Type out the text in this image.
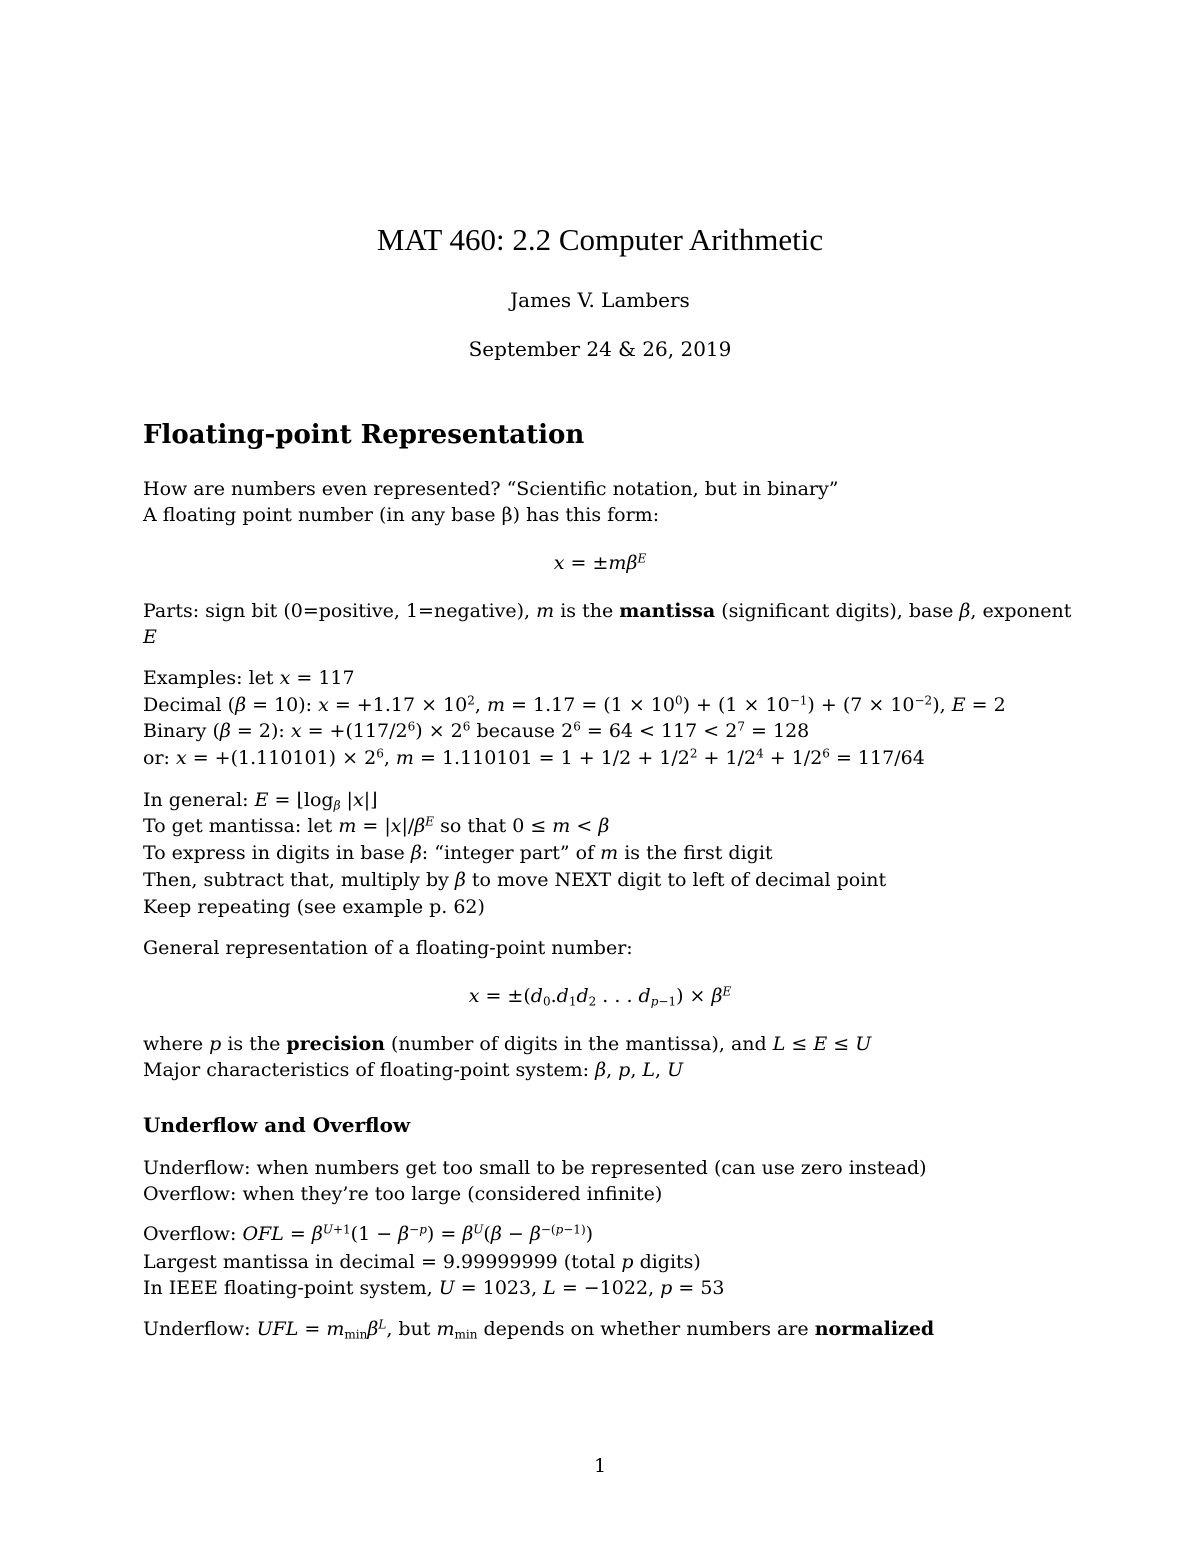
MAT 460: 2.2 Computer Arithmetic
James V. Lambers
September 24 & 26, 2019
Floating-point Representation
How are numbers even represented? “Scientific notation, but in binary”
A floating point number (in any base β) has this form:
$x = \pm m\beta^E$
Parts: sign bit (0=positive, 1=negative), m is the mantissa (significant digits), base β, exponent
E
Examples: let x = 117
Decimal (β = 10): $x = +1.17 \times 10^2$, $m = 1.17 = (1 \times 10^0) + (1 \times 10^{-1}) + (7 \times 10^{-2})$, E = 2
Binary (β = 2): $x = +(117/2^6) \times 2^6$ because $2^6 = 64 < 117 < 2^7 = 128$
or: $x = +(1.110101) \times 2^6$, $m = 1.110101 = 1 + 1/2 + 1/2^2 + 1/2^4 + 1/2^6 = 117/64$
In general: $E = ⌊\log_\beta$ |x|⌋
To get mantissa: let $m = |x|/\beta^E$ so that 0 ≤ m < β
To express in digits in base β: “integer part” of m is the first digit
Then, subtract that, multiply by β to move NEXT digit to left of decimal point
Keep repeating (see example p. 62)
General representation of a floating-point number:
$x = \pm(d_0.d_1d_2$ . . . $d_{p-1}) \times \beta^E$
where p is the precision (number of digits in the mantissa), and L ≤ E ≤ U
Major characteristics of floating-point system: β, p, L, U
Underflow and Overflow
Underflow: when numbers get too small to be represented (can use zero instead)
Overflow: when they’re too large (considered infinite)
Overflow: OFL = $\beta^{U+1}(1 - \beta^{-p}) = \beta^U(\beta - \beta^{-(p-1)})$
Largest mantissa in decimal = 9.99999999 (total p digits)
In IEEE floating-point system, U = 1023, L = −1022, p = 53
Underflow: UFL = $m_{min}\beta^L$, but $m_{min}$ depends on whether numbers are normalized
1
